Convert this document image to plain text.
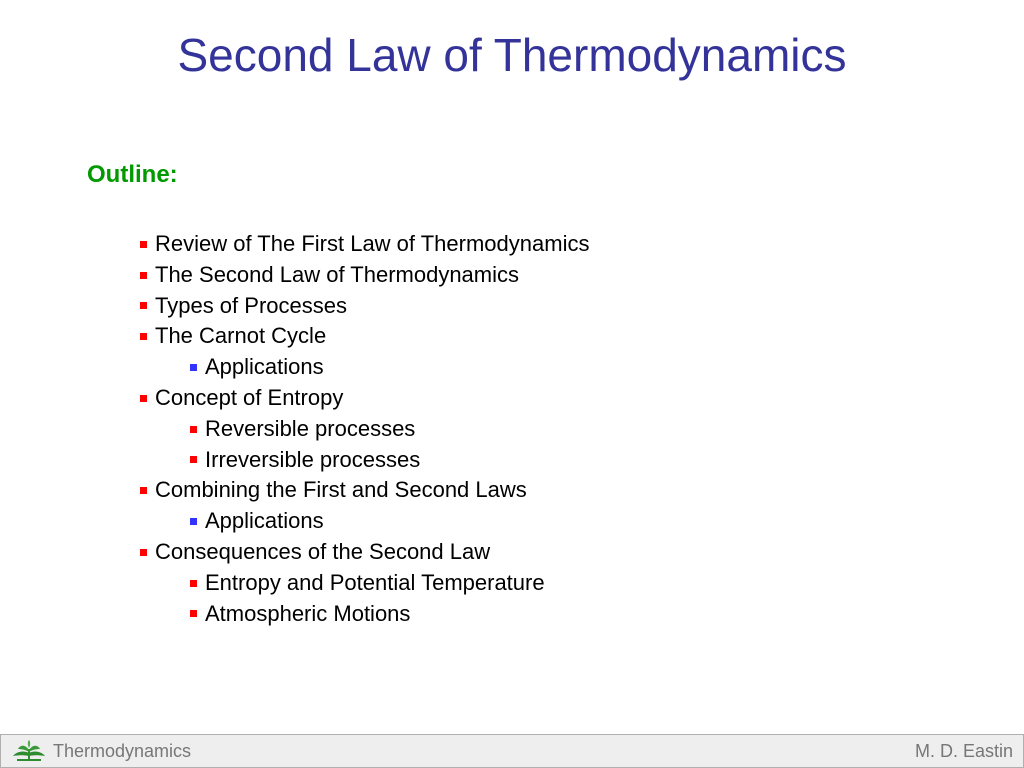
Second Law of Thermodynamics
Outline:
Review of The First Law of Thermodynamics
The Second Law of Thermodynamics
Types of Processes
The Carnot Cycle
Applications
Concept of Entropy
Reversible processes
Irreversible processes
Combining the First and Second Laws
Applications
Consequences of the Second Law
Entropy and Potential Temperature
Atmospheric Motions
Thermodynamics	M. D. Eastin
